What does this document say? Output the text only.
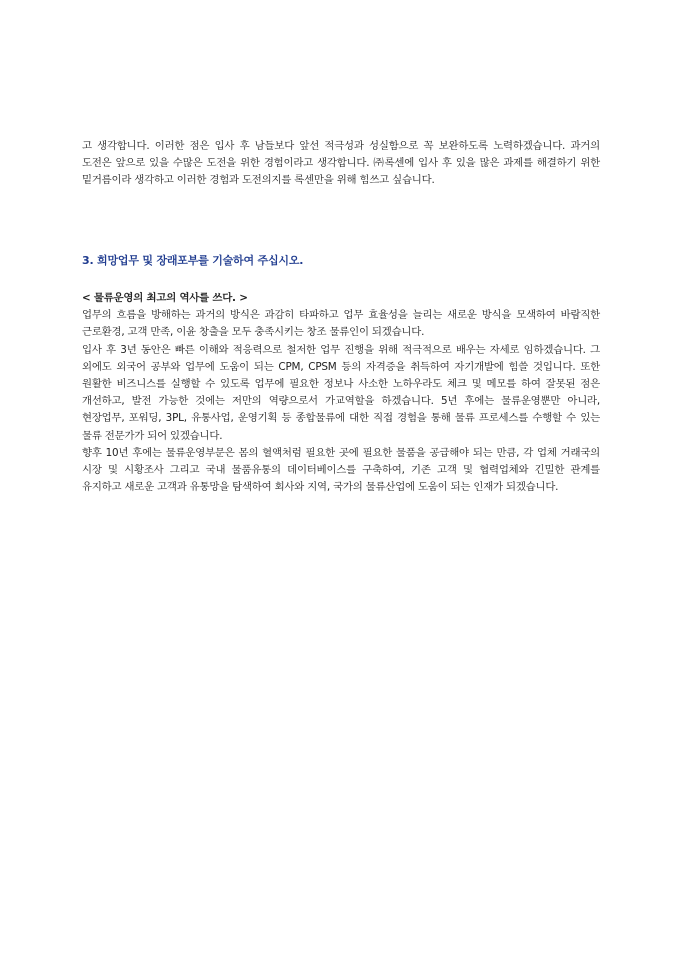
고 생각합니다. 이러한 점은 입사 후 남들보다 앞선 적극성과 성실함으로 꼭 보완하도록 노력하겠습니다. 과거의 도전은 앞으로 있을 수많은 도전을 위한 경험이라고 생각합니다. ㈜록센에 입사 후 있을 많은 과제를 해결하기 위한 밑거름이라 생각하고 이러한 경험과 도전의지를 록센만을 위해 힘쓰고 싶습니다.

3. 희망업무 및 장래포부를 기술하여 주십시오.

< 물류운영의 최고의 역사를 쓰다. >

업무의 흐름을 방해하는 과거의 방식은 과감히 타파하고 업무 효율성을 늘리는 새로운 방식을 모색하여 바람직한 근로환경, 고객 만족, 이윤 창출을 모두 충족시키는 창조 물류인이 되겠습니다.

입사 후 3년 동안은 빠른 이해와 적응력으로 철저한 업무 진행을 위해 적극적으로 배우는 자세로 임하겠습니다. 그 외에도 외국어 공부와 업무에 도움이 되는 CPM, CPSM 등의 자격증을 취득하여 자기개발에 힘쓸 것입니다. 또한 원활한 비즈니스를 실행할 수 있도록 업무에 필요한 정보나 사소한 노하우라도 체크 및 메모를 하여 잘못된 점은 개선하고, 발전 가능한 것에는 저만의 역량으로서 가교역할을 하겠습니다. 5년 후에는 물류운영뿐만 아니라, 현장업무, 포워딩, 3PL, 유통사업, 운영기획 등 종합물류에 대한 직접 경험을 통해 물류 프로세스를 수행할 수 있는 물류 전문가가 되어 있겠습니다.

향후 10년 후에는 물류운영부문은 몸의 혈액처럼 필요한 곳에 필요한 물품을 공급해야 되는 만큼, 각 업체 거래국의 시장 및 시황조사 그리고 국내 물품유통의 데이터베이스를 구축하여, 기존 고객 및 협력업체와 긴밀한 관계를 유지하고 새로운 고객과 유통망을 탐색하여 회사와 지역, 국가의 물류산업에 도움이 되는 인재가 되겠습니다.
